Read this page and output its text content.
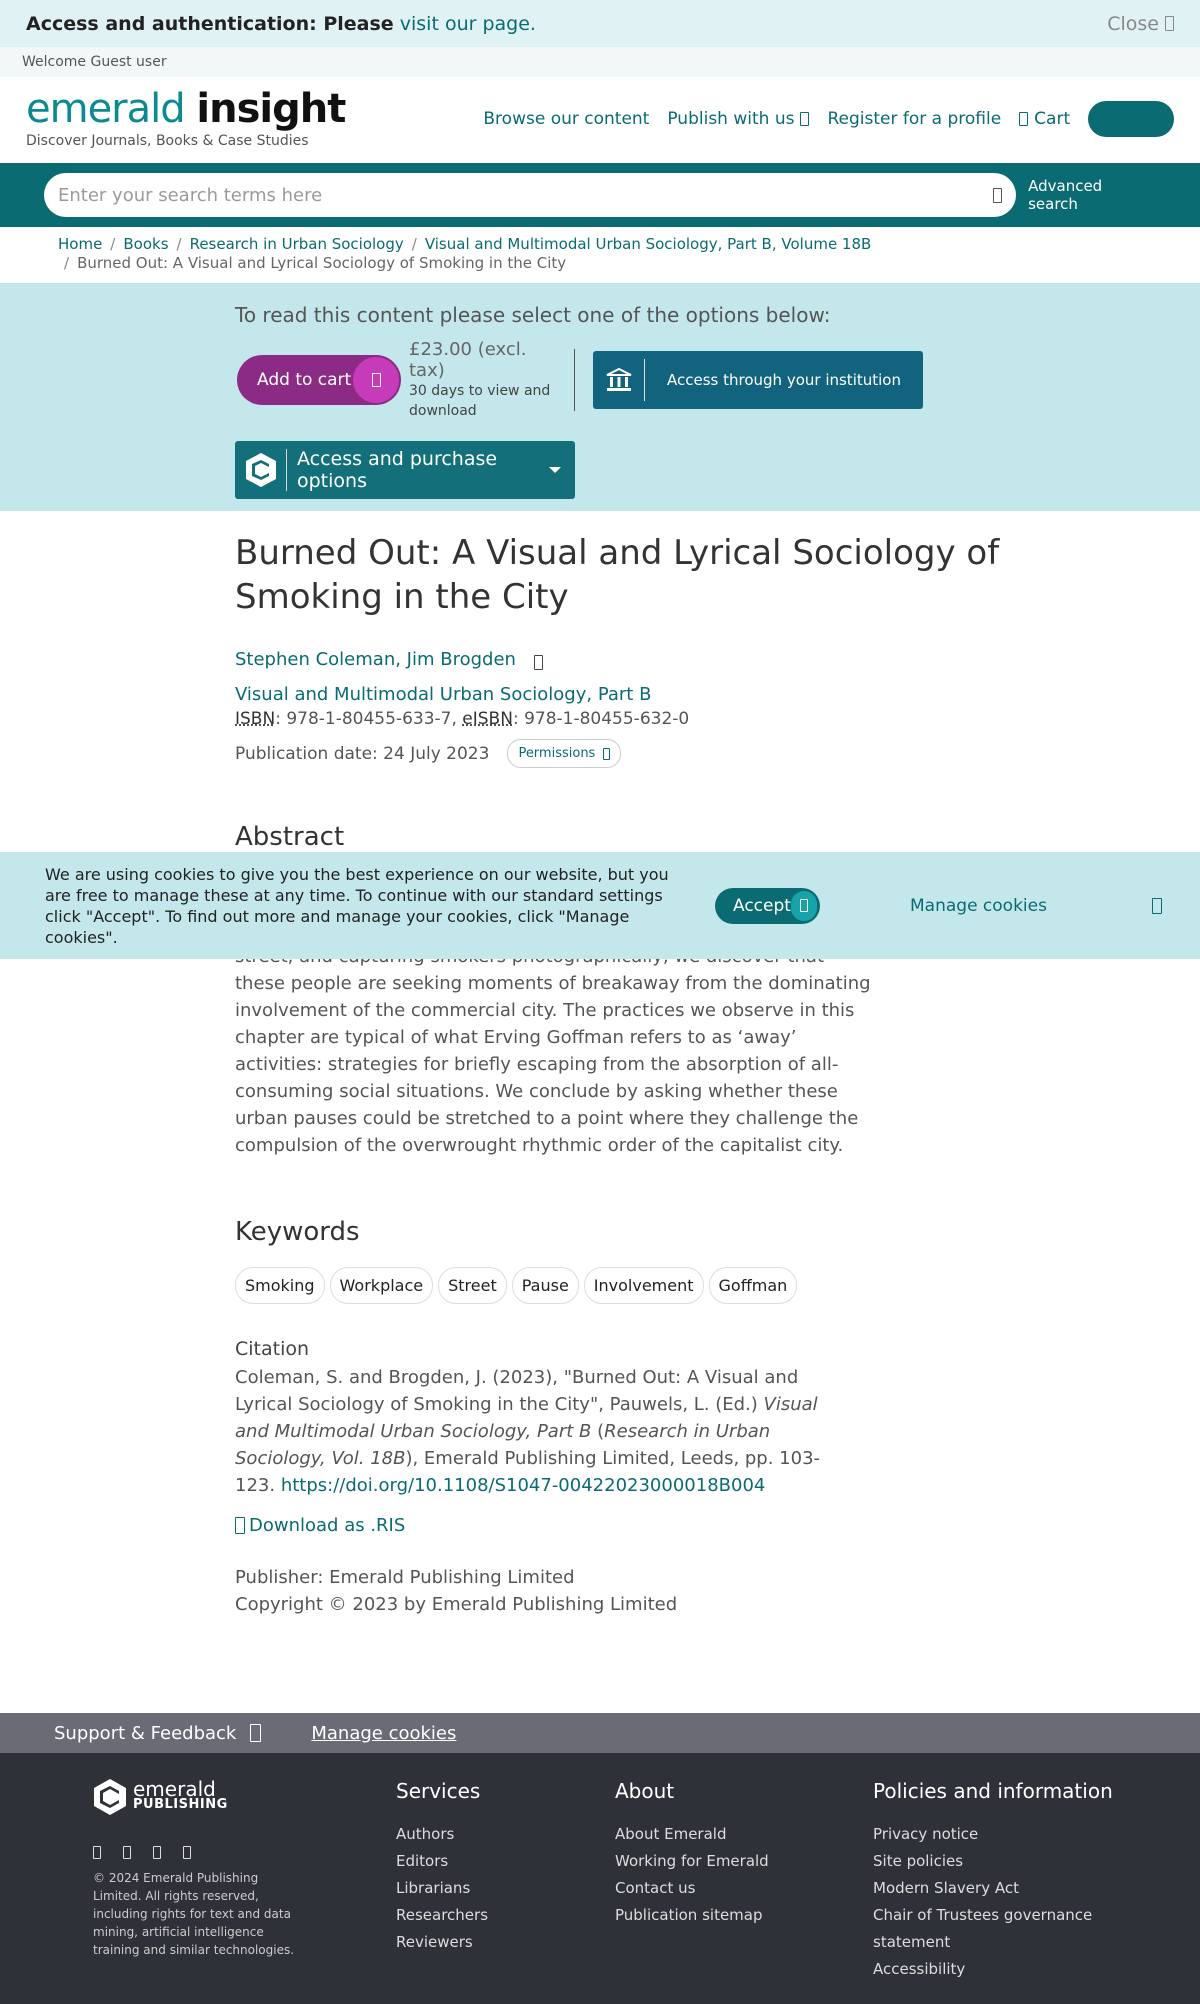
Access and authentication: Please visit our page.	Close
Welcome Guest user
emerald insight
Discover Journals, Books & Case Studies
Browse our content Publish with us Register for a profile Cart	Login
Enter your search terms here
Advanced search
Home / Books / Research in Urban Sociology / Visual and Multimodal Urban Sociology, Part B, Volume 18B
/ Burned Out: A Visual and Lyrical Sociology of Smoking in the City
To read this content please select one of the options below:
Add to cart
£23.00 (excl. tax)
30 days to view and download
Access through your institution
Access and purchase options
Burned Out: A Visual and Lyrical Sociology of Smoking in the City
Stephen Coleman, Jim Brogden
Visual and Multimodal Urban Sociology, Part B
ISBN: 978-1-80455-633-7, eISBN: 978-1-80455-632-0
Publication date: 24 July 2023 Permissions
Abstract

these people are seeking moments of breakaway from the dominating involvement of the commercial city. The practices we observe in this chapter are typical of what Erving Goffman refers to as ‘away’ activities: strategies for briefly escaping from the absorption of all-consuming social situations. We conclude by asking whether these urban pauses could be stretched to a point where they challenge the compulsion of the overwrought rhythmic order of the capitalist city.

Keywords
Smoking	Workplace	Street	Pause	Involvement	Goffman
Citation

Coleman, S. and Brogden, J. (2023), "Burned Out: A Visual and Lyrical Sociology of Smoking in the City", Pauwels, L. (Ed.) Visual and Multimodal Urban Sociology, Part B (Research in Urban Sociology, Vol. 18B), Emerald Publishing Limited, Leeds, pp. 103-123. https://doi.org/10.1108/S1047-00422023000018B004

Download as .RIS
Publisher: Emerald Publishing Limited
Copyright © 2023 by Emerald Publishing Limited
We are using cookies to give you the best experience on our website, but you are free to manage these at any time. To continue with our standard settings click "Accept". To find out more and manage your cookies, click "Manage cookies".
Accept	Manage cookies
Support & Feedback	Manage cookies
emerald
PUBLISHING
© 2024 Emerald Publishing Limited. All rights reserved, including rights for text and data mining, artificial intelligence training and similar technologies.
Services
Authors
Editors
Librarians
Researchers
Reviewers
About
About Emerald
Working for Emerald
Contact us
Publication sitemap
Policies and information
Privacy notice
Site policies
Modern Slavery Act
Chair of Trustees governance statement
Accessibility
